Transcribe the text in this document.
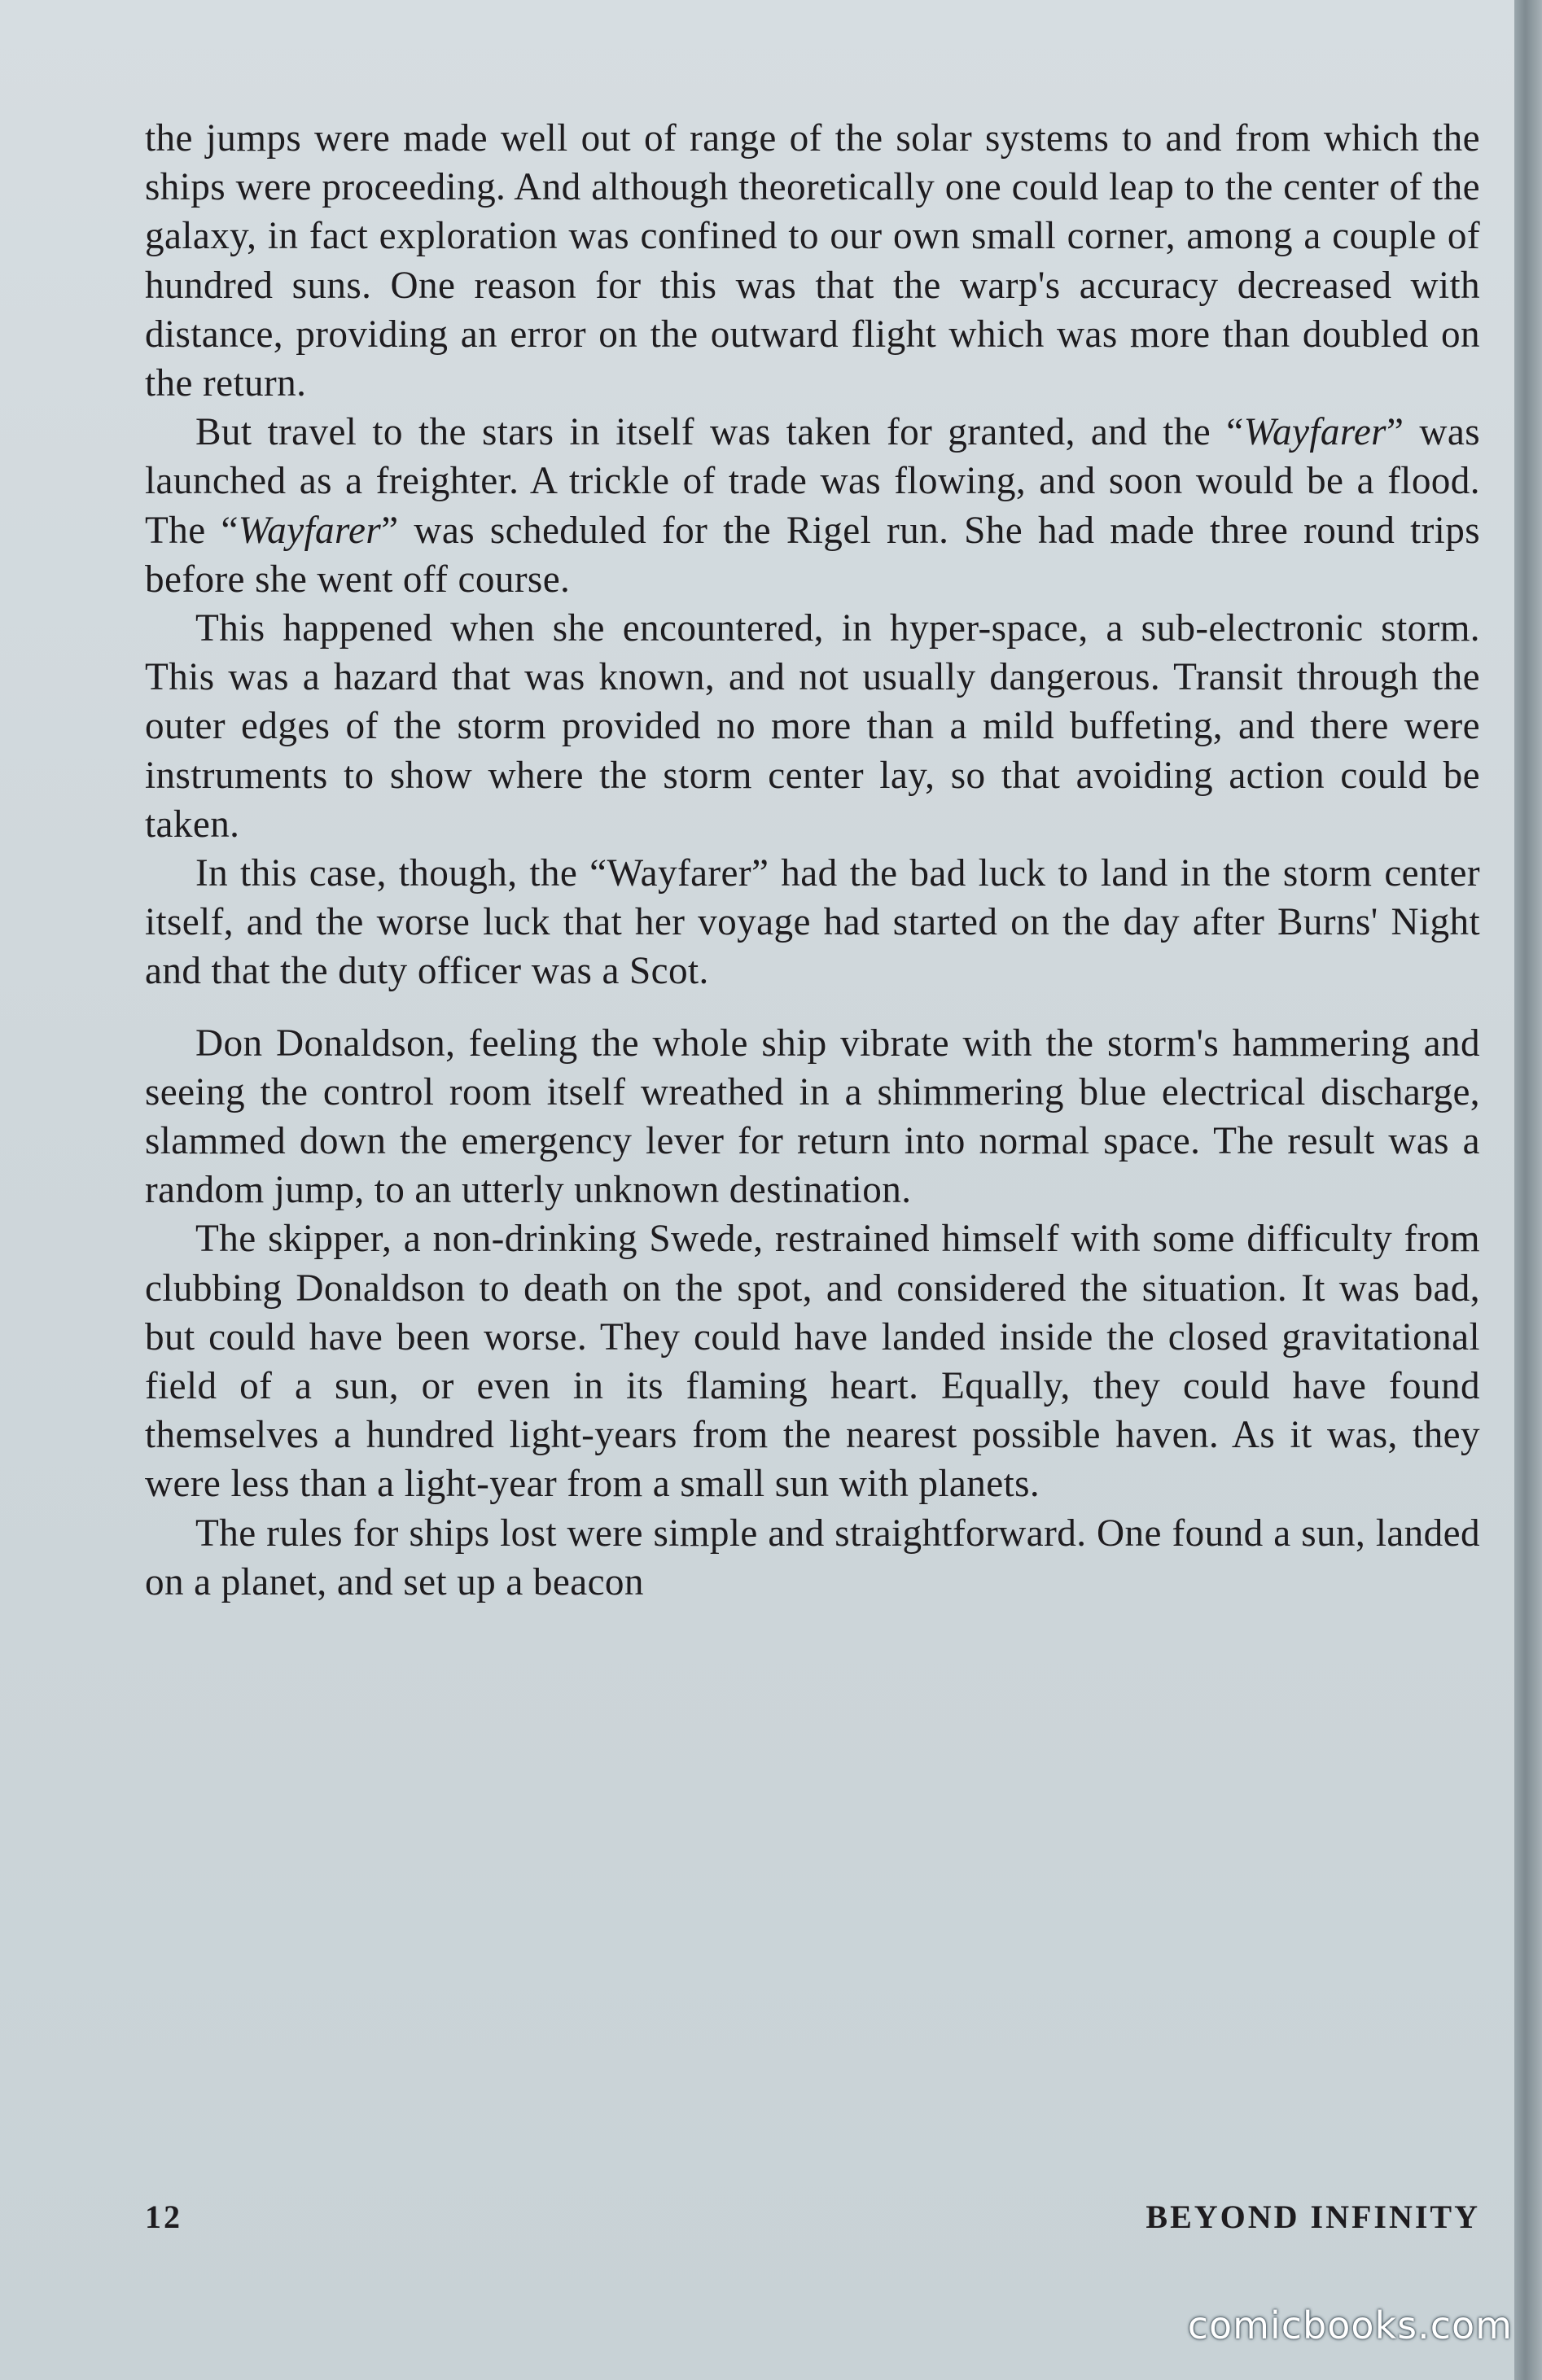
the jumps were made well out of range of the solar systems to and from which the ships were proceeding. And although theoretically one could leap to the center of the galaxy, in fact exploration was confined to our own small corner, among a couple of hundred suns. One reason for this was that the warp's accuracy decreased with distance, providing an error on the outward flight which was more than doubled on the return.

But travel to the stars in itself was taken for granted, and the “Wayfarer” was launched as a freighter. A trickle of trade was flowing, and soon would be a flood. The “Wayfarer” was scheduled for the Rigel run. She had made three round trips before she went off course.

This happened when she encountered, in hyper-space, a sub-electronic storm. This was a hazard that was known, and not usually dangerous. Transit through the outer edges of the storm provided no more than a mild buffeting, and there were instruments to show where the storm center lay, so that avoiding action could be taken.

In this case, though, the “Wayfarer” had the bad luck to land in the storm center itself, and the worse luck that her voyage had started on the day after Burns' Night and that the duty officer was a Scot.

Don Donaldson, feeling the whole ship vibrate with the storm's hammering and seeing the control room itself wreathed in a shimmering blue electrical discharge, slammed down the emergency lever for return into normal space. The result was a random jump, to an utterly unknown destination.

The skipper, a non-drinking Swede, restrained himself with some difficulty from clubbing Donaldson to death on the spot, and considered the situation. It was bad, but could have been worse. They could have landed inside the closed gravitational field of a sun, or even in its flaming heart. Equally, they could have found themselves a hundred light-years from the nearest possible haven. As it was, they were less than a light-year from a small sun with planets.

The rules for ships lost were simple and straightforward. One found a sun, landed on a planet, and set up a beacon

12	BEYOND INFINITY
comicbooks.com
